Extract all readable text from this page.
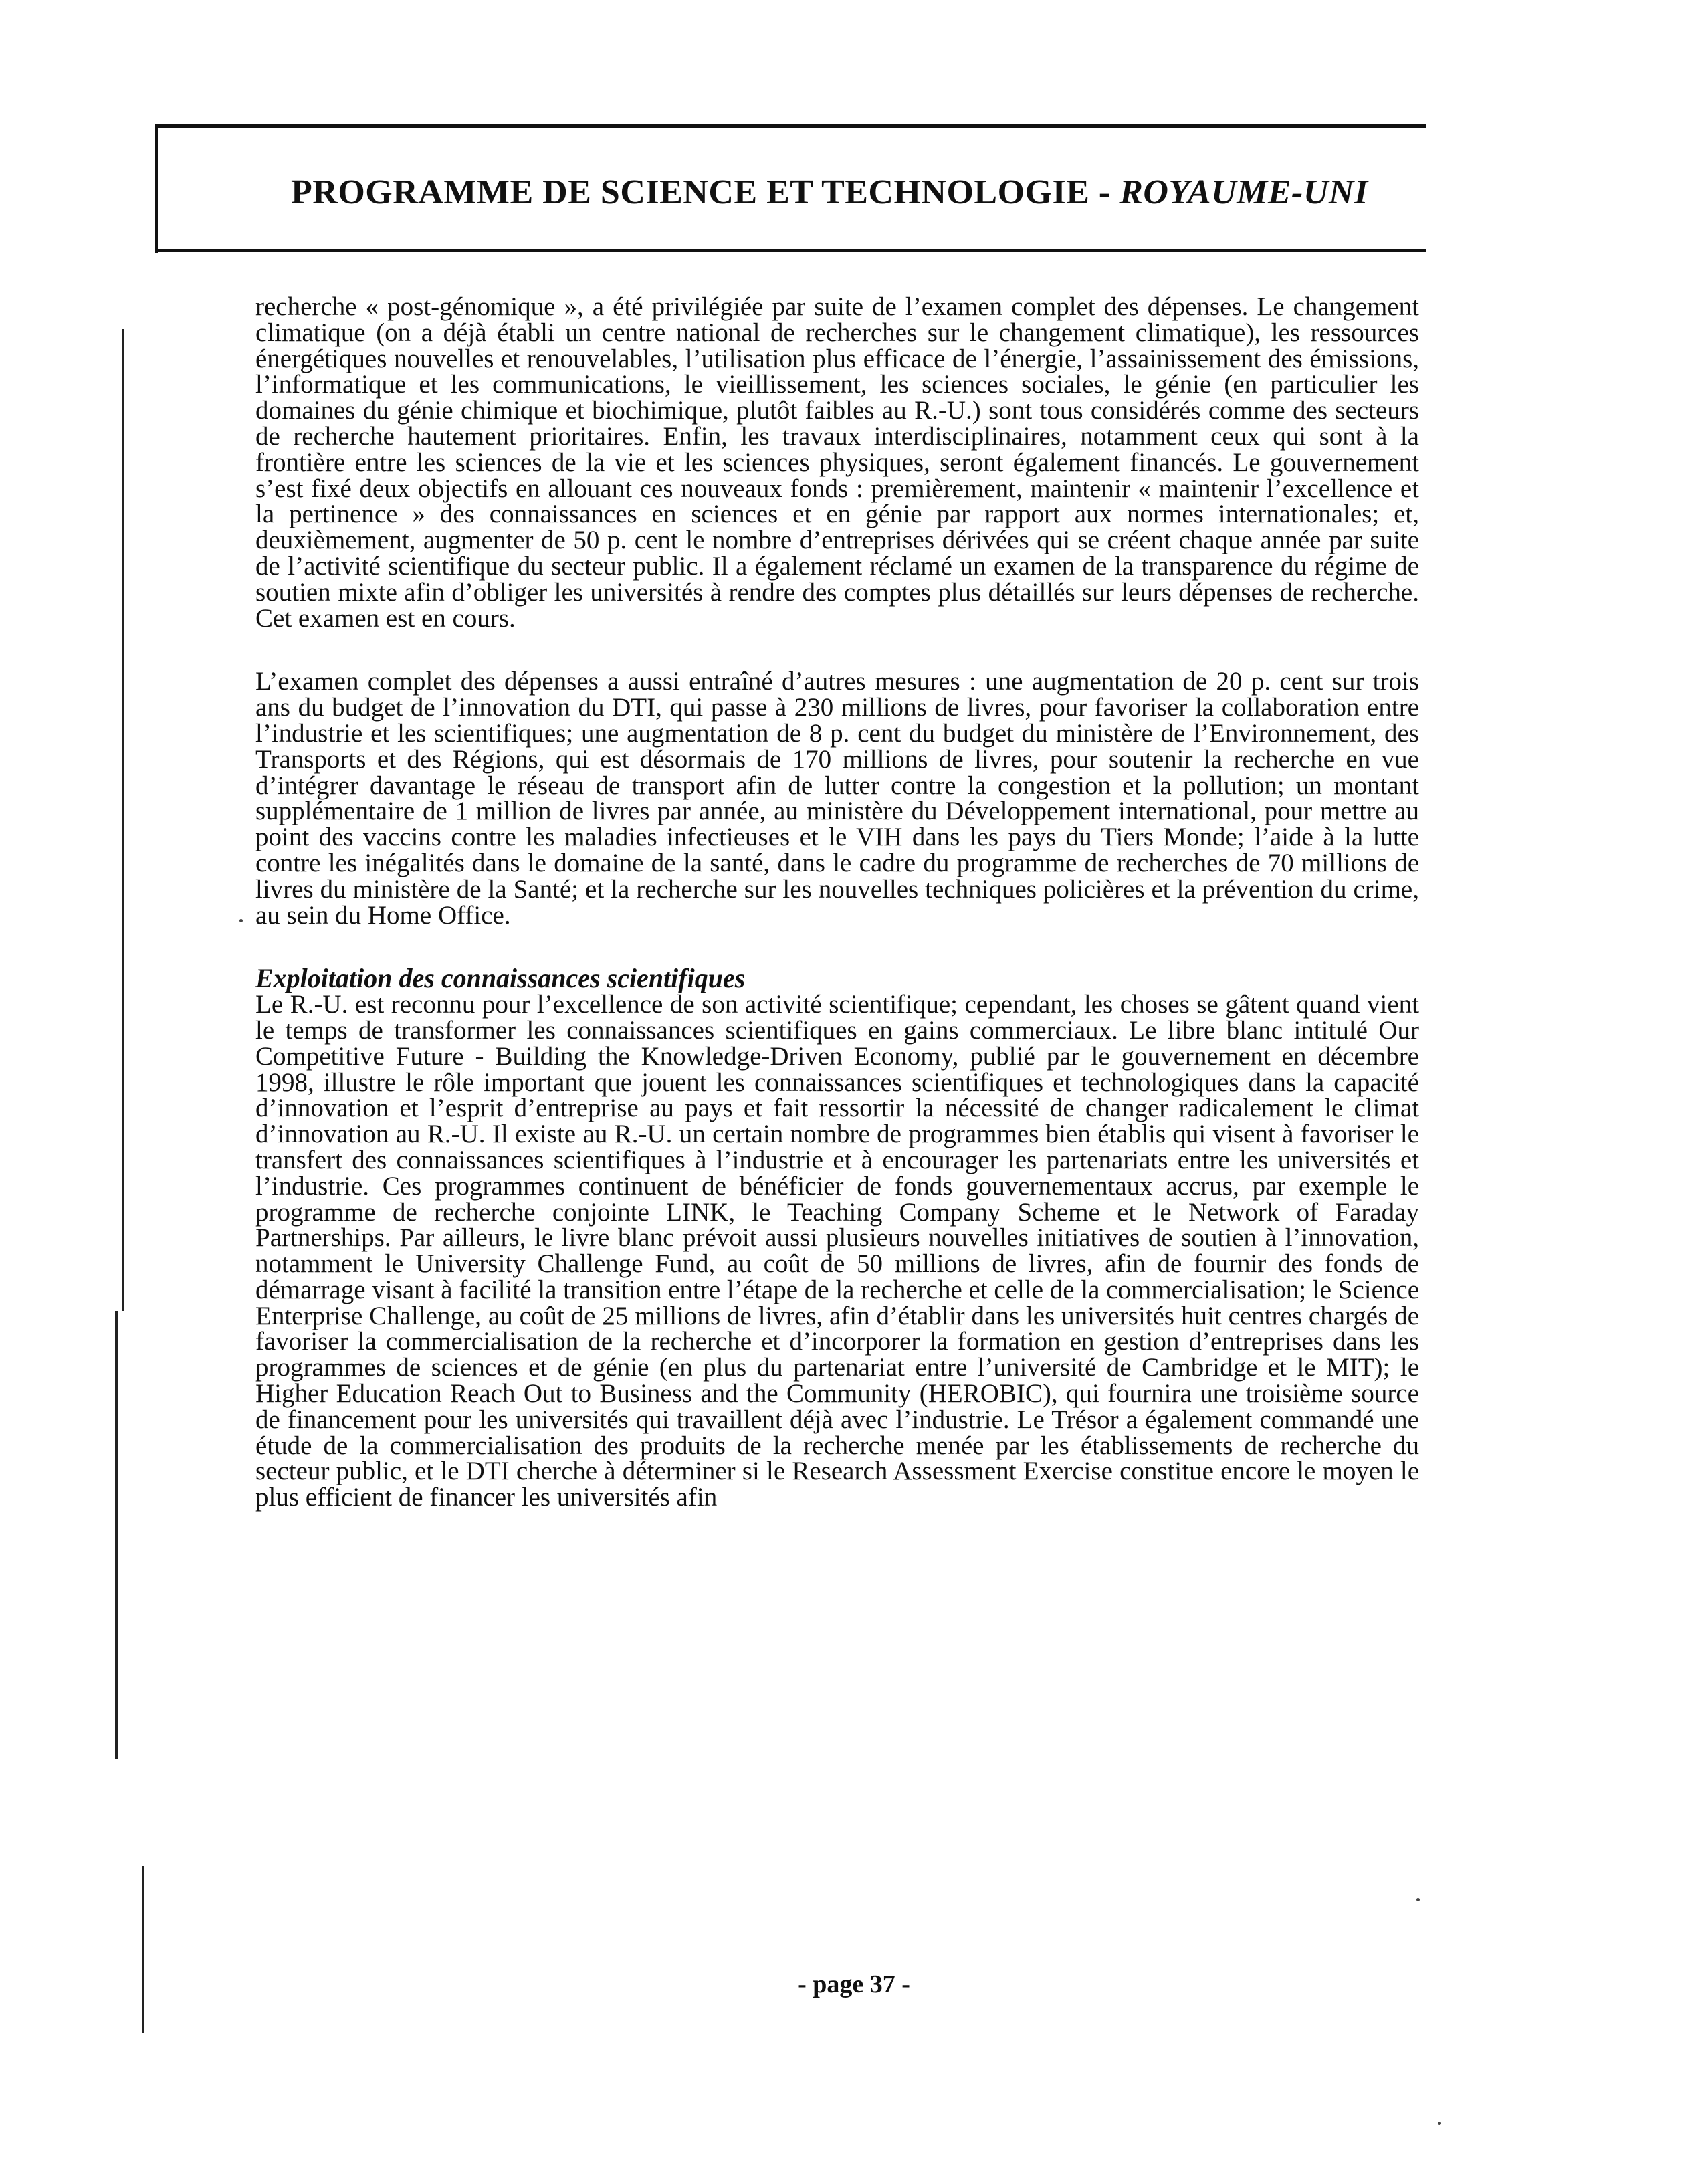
PROGRAMME DE SCIENCE ET TECHNOLOGIE - ROYAUME-UNI

recherche « post-génomique », a été privilégiée par suite de l’examen complet des dépenses. Le changement climatique (on a déjà établi un centre national de recherches sur le changement climatique), les ressources énergétiques nouvelles et renouvelables, l’utilisation plus efficace de l’énergie, l’assainissement des émissions, l’informatique et les communications, le vieillissement, les sciences sociales, le génie (en particulier les domaines du génie chimique et biochimique, plutôt faibles au R.-U.) sont tous considérés comme des secteurs de recherche hautement prioritaires. Enfin, les travaux interdisciplinaires, notamment ceux qui sont à la frontière entre les sciences de la vie et les sciences physiques, seront également financés. Le gouvernement s’est fixé deux objectifs en allouant ces nouveaux fonds : premièrement, maintenir « maintenir l’excellence et la pertinence » des connaissances en sciences et en génie par rapport aux normes internationales; et, deuxièmement, augmenter de 50 p. cent le nombre d’entreprises dérivées qui se créent chaque année par suite de l’activité scientifique du secteur public. Il a également réclamé un examen de la transparence du régime de soutien mixte afin d’obliger les universités à rendre des comptes plus détaillés sur leurs dépenses de recherche. Cet examen est en cours.

L’examen complet des dépenses a aussi entraîné d’autres mesures : une augmentation de 20 p. cent sur trois ans du budget de l’innovation du DTI, qui passe à 230 millions de livres, pour favoriser la collaboration entre l’industrie et les scientifiques; une augmentation de 8 p. cent du budget du ministère de l’Environnement, des Transports et des Régions, qui est désormais de 170 millions de livres, pour soutenir la recherche en vue d’intégrer davantage le réseau de transport afin de lutter contre la congestion et la pollution; un montant supplémentaire de 1 million de livres par année, au ministère du Développement international, pour mettre au point des vaccins contre les maladies infectieuses et le VIH dans les pays du Tiers Monde; l’aide à la lutte contre les inégalités dans le domaine de la santé, dans le cadre du programme de recherches de 70 millions de livres du ministère de la Santé; et la recherche sur les nouvelles techniques policières et la prévention du crime, au sein du Home Office.

Exploitation des connaissances scientifiques

Le R.-U. est reconnu pour l’excellence de son activité scientifique; cependant, les choses se gâtent quand vient le temps de transformer les connaissances scientifiques en gains commerciaux. Le libre blanc intitulé Our Competitive Future - Building the Knowledge-Driven Economy, publié par le gouvernement en décembre 1998, illustre le rôle important que jouent les connaissances scientifiques et technologiques dans la capacité d’innovation et l’esprit d’entreprise au pays et fait ressortir la nécessité de changer radicalement le climat d’innovation au R.-U. Il existe au R.-U. un certain nombre de programmes bien établis qui visent à favoriser le transfert des connaissances scientifiques à l’industrie et à encourager les partenariats entre les universités et l’industrie. Ces programmes continuent de bénéficier de fonds gouvernementaux accrus, par exemple le programme de recherche conjointe LINK, le Teaching Company Scheme et le Network of Faraday Partnerships. Par ailleurs, le livre blanc prévoit aussi plusieurs nouvelles initiatives de soutien à l’innovation, notamment le University Challenge Fund, au coût de 50 millions de livres, afin de fournir des fonds de démarrage visant à facilité la transition entre l’étape de la recherche et celle de la commercialisation; le Science Enterprise Challenge, au coût de 25 millions de livres, afin d’établir dans les universités huit centres chargés de favoriser la commercialisation de la recherche et d’incorporer la formation en gestion d’entreprises dans les programmes de sciences et de génie (en plus du partenariat entre l’université de Cambridge et le MIT); le Higher Education Reach Out to Business and the Community (HEROBIC), qui fournira une troisième source de financement pour les universités qui travaillent déjà avec l’industrie. Le Trésor a également commandé une étude de la commercialisation des produits de la recherche menée par les établissements de recherche du secteur public, et le DTI cherche à déterminer si le Research Assessment Exercise constitue encore le moyen le plus efficient de financer les universités afin

- page 37 -
